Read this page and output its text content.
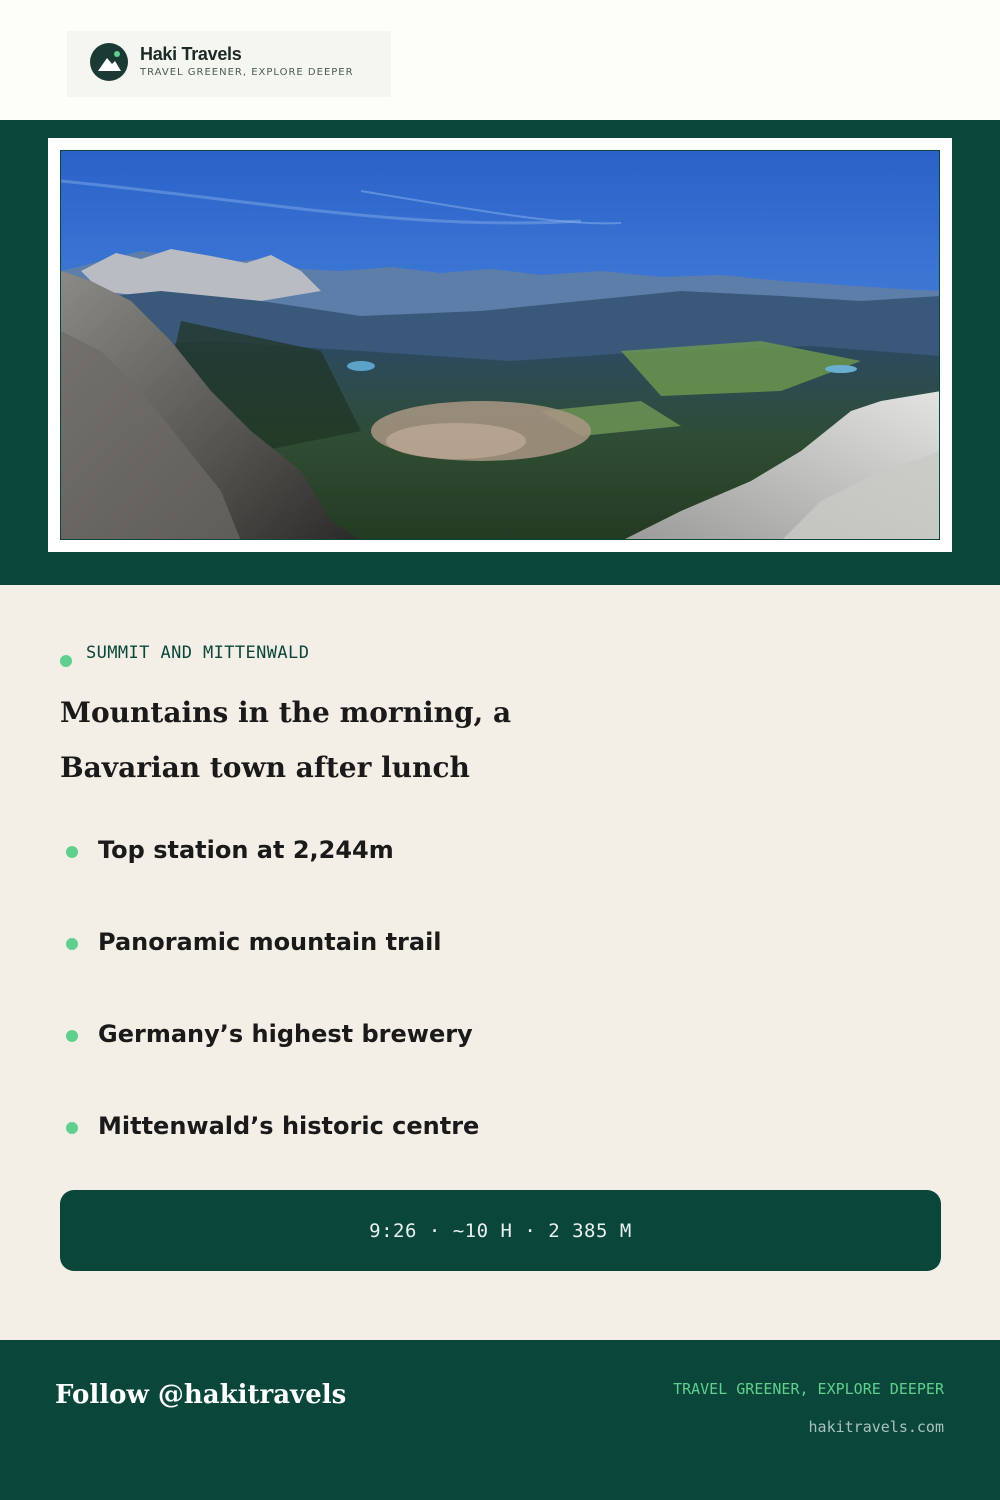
Haki Travels
TRAVEL GREENER, EXPLORE DEEPER
SUMMIT AND MITTENWALD
Mountains in the morning, a Bavarian town after lunch
Top station at 2,244m
Panoramic mountain trail
Germany’s highest brewery
Mittenwald’s historic centre
9:26 · ~10 H · 2 385 M
Follow @hakitravels	TRAVEL GREENER, EXPLORE DEEPER
hakitravels.com
